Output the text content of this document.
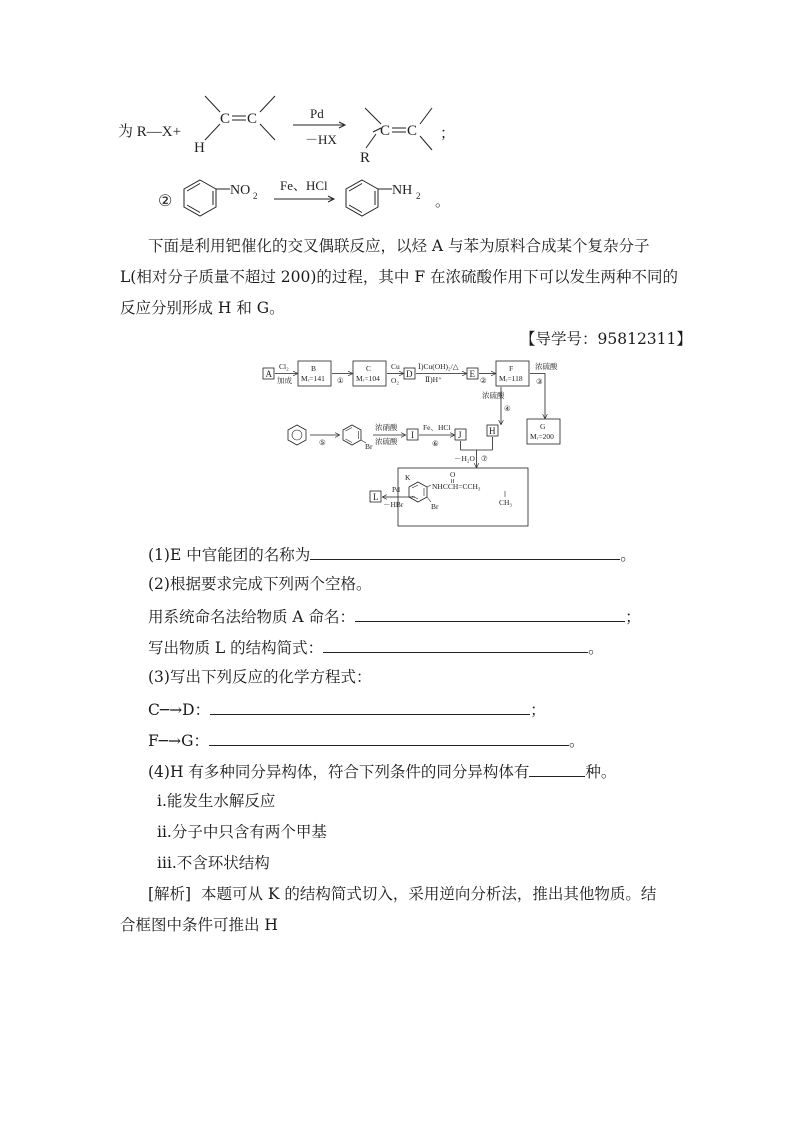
为 R—X+
H
C C	Pd
－HX
R
C C ；
②
NO 2
Fe、HCl	NH 2 。
下面是利用钯催化的交叉偶联反应，以烃 A 与苯为原料合成某个复杂分子
L(相对分子质量不超过 200)的过程，其中 F 在浓硫酸作用下可以发生两种不同的
反应分别形成 H 和 G。
【导学号：95812311】
A
Cl₂
加成
B
Mᵣ=141 ①
C
Mᵣ=104
Cu
O₂
D
Ⅰ)Cu(OH)₂/△
Ⅱ)H⁺
E
②
F
Mᵣ=118
浓硫酸
③
G
Mᵣ=200
浓硫酸
④
H
⑤	Br
浓硝酸
浓硫酸
I
Fe、HCl
⑥
J
－H₂O ⑦
K	O
NHCCH=CCH₃
CH₃
Br
Pd
－HBr
L
(1)E 中官能团的名称为	。
(2)根据要求完成下列两个空格。
用系统命名法给物质 A 命名：	；
写出物质 L 的结构简式：	。
(3)写出下列反应的化学方程式：
C─→D：	；
F─→G：	。
(4)H 有多种同分异构体，符合下列条件的同分异构体有	种。
ⅰ.能发生水解反应
ⅱ.分子中只含有两个甲基
ⅲ.不含环状结构
[解析] 本题可从 K 的结构简式切入，采用逆向分析法，推出其他物质。结
合框图中条件可推出 H
